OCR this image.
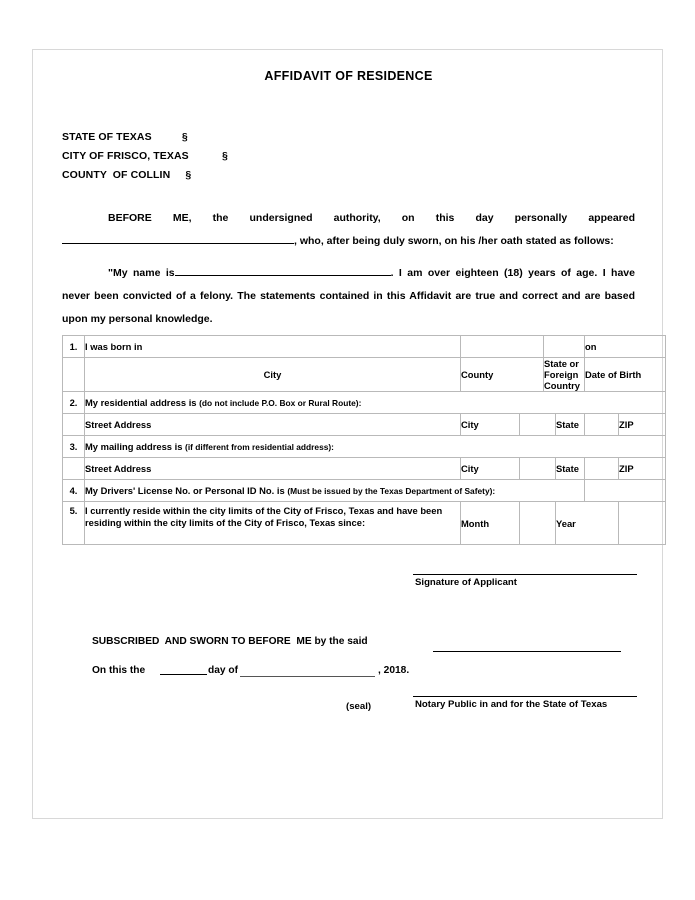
AFFIDAVIT OF RESIDENCE
STATE OF TEXAS          §
CITY OF FRISCO, TEXAS           §
COUNTY  OF COLLIN     §
BEFORE ME, the undersigned authority, on this day personally appeared, who, after being duly sworn, on his /her oath stated as follows:
"My name is	. I am over eighteen (18) years of age. I have never been convicted of a felony. The statements contained in this Affidavit are true and correct and are based upon my personal knowledge.
1.	I was born in					on		
	City	County		State or Foreign Country		Date of Birth		
2.	My residential address is (do not include P.O. Box or Rural Route):							
	Street Address	City			State		ZIP	
3.	My mailing address is (if different from residential address):							
	Street Address	City			State		ZIP	
4.	My Drivers' License No. or Personal ID No. is (Must be issued by the Texas Department of Safety):							
5.	I currently reside within the city limits of the City of Frisco, Texas and have been residing within the city limits of the City of Frisco, Texas since:	Month			Year			
Signature of Applicant
SUBSCRIBED  AND SWORN TO BEFORE  ME by the said
On this the	day of	, 2018.
(seal)	Notary Public in and for the State of Texas
